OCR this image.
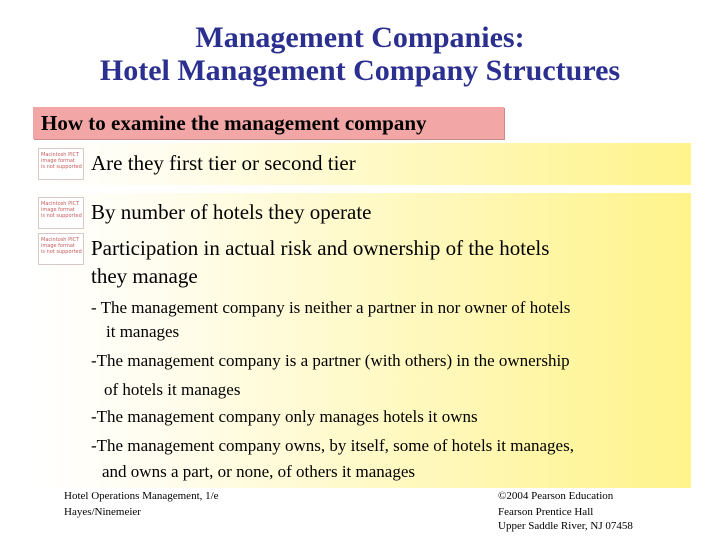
Management Companies:
Hotel Management Company Structures
How to examine the management company
Macintosh PICT
image format
is not supported
Macintosh PICT
image format
is not supported
Macintosh PICT
image format
is not supported
Are they first tier or second tier
By number of hotels they operate
Participation in actual risk and ownership of the hotels
they manage
- The management company is neither a partner in nor owner of hotels
it manages
-The management company is a partner (with others) in the ownership
of hotels it manages
-The management company only manages hotels it owns
-The management company owns, by itself, some of hotels it manages,
and owns a part, or none, of others it manages
Hotel Operations Management, 1/e
Hayes/Ninemeier
©2004 Pearson Education
Fearson Prentice Hall
Upper Saddle River, NJ 07458
